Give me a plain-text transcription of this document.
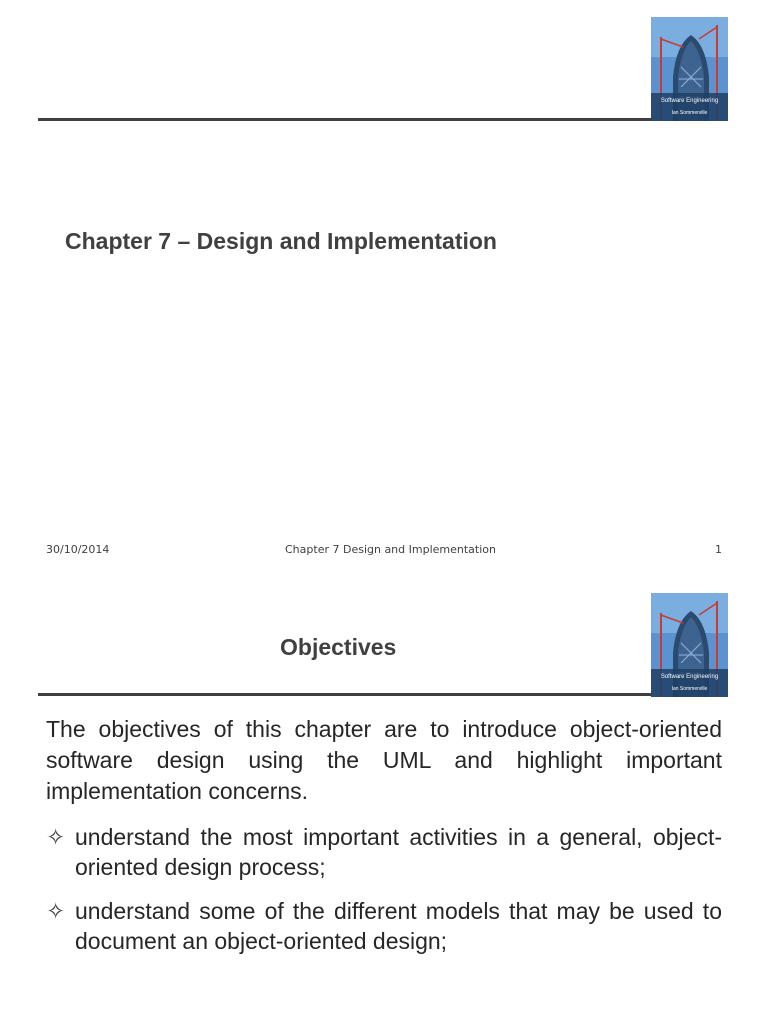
Software Engineering
Ian Sommerville
Chapter 7 – Design and Implementation
30/10/2014	Chapter 7 Design and Implementation	1
Software Engineering
Ian Sommerville
Objectives
The objectives of this chapter are to introduce object-oriented software design using the UML and highlight important implementation concerns.
✧ understand the most important activities in a general, object-oriented design process;
✧ understand some of the different models that may be used to document an object-oriented design;
